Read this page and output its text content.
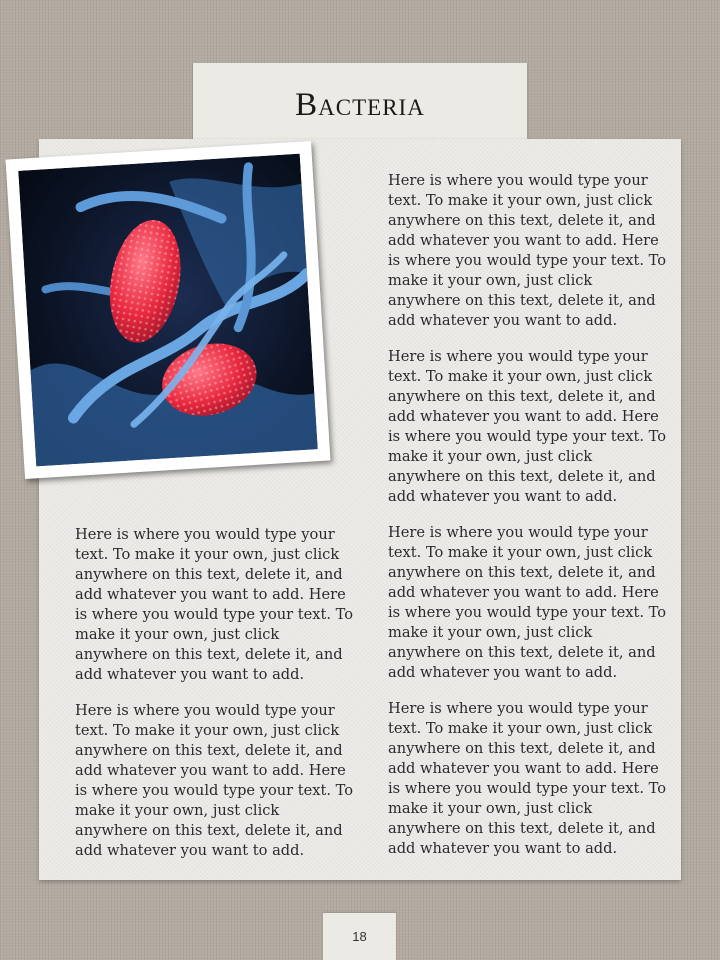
Bacteria

Here is where you would type your text. To make it your own, just click anywhere on this text, delete it, and add whatever you want to add. Here is where you would type your text. To make it your own, just click anywhere on this text, delete it, and add whatever you want to add.

Here is where you would type your text. To make it your own, just click anywhere on this text, delete it, and add whatever you want to add. Here is where you would type your text. To make it your own, just click anywhere on this text, delete it, and add whatever you want to add.

Here is where you would type your text. To make it your own, just click anywhere on this text, delete it, and add whatever you want to add. Here is where you would type your text. To make it your own, just click anywhere on this text, delete it, and add whatever you want to add.

Here is where you would type your text. To make it your own, just click anywhere on this text, delete it, and add whatever you want to add. Here is where you would type your text. To make it your own, just click anywhere on this text, delete it, and add whatever you want to add.

Here is where you would type your text. To make it your own, just click anywhere on this text, delete it, and add whatever you want to add. Here is where you would type your text. To make it your own, just click anywhere on this text, delete it, and add whatever you want to add.

Here is where you would type your text. To make it your own, just click anywhere on this text, delete it, and add whatever you want to add. Here is where you would type your text. To make it your own, just click anywhere on this text, delete it, and add whatever you want to add.

18
